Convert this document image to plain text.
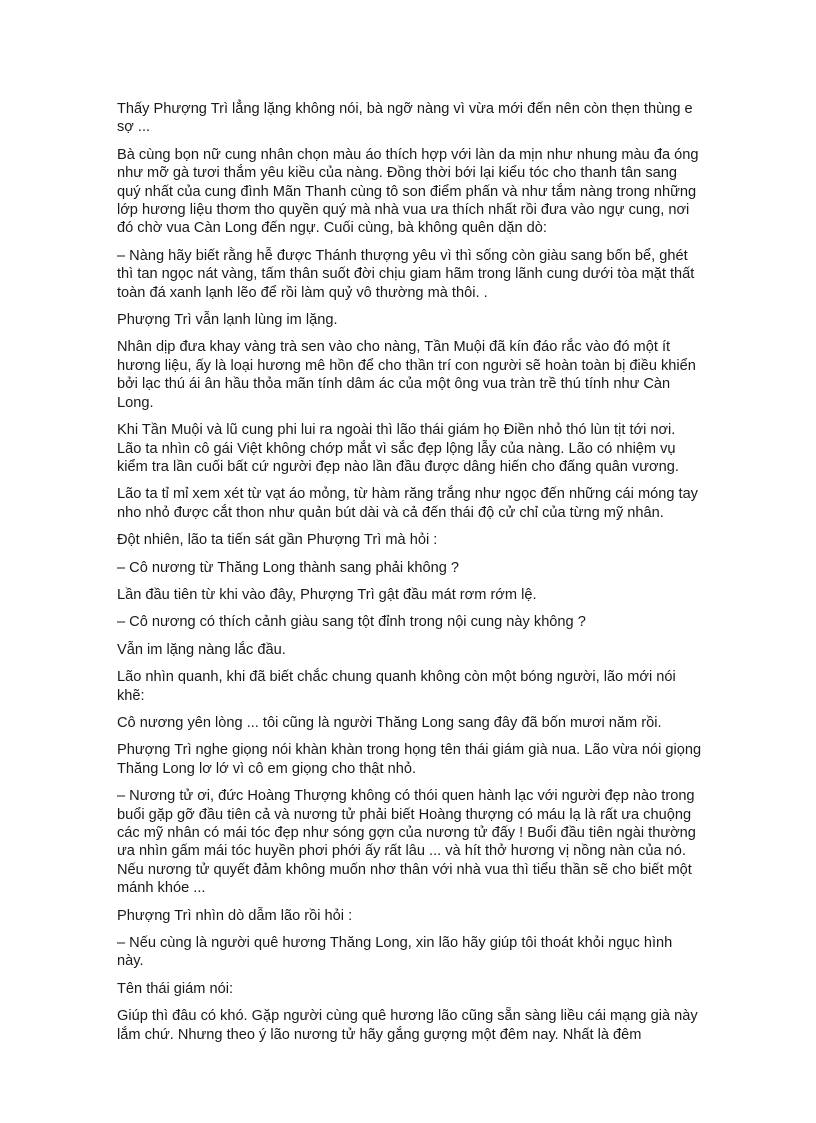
Thấy Phượng Trì lẳng lặng không nói, bà ngỡ nàng vì vừa mới đến nên còn thẹn thùng e sợ ...

Bà cùng bọn nữ cung nhân chọn màu áo thích hợp với làn da mịn như nhung màu đa óng như mỡ gà tươi thắm yêu kiều của nàng. Đồng thời bới lại kiểu tóc cho thanh tân sang quý nhất của cung đình Mãn Thanh cùng tô son điểm phấn và như tắm nàng trong những lớp hương liệu thơm tho quyền quý mà nhà vua ưa thích nhất rồi đưa vào ngự cung, nơi đó chờ vua Càn Long đến ngự. Cuối cùng, bà không quên dặn dò:

– Nàng hãy biết rằng hễ được Thánh thượng yêu vì thì sống còn giàu sang bốn bể, ghét thì tan ngọc nát vàng, tấm thân suốt đời chịu giam hãm trong lãnh cung dưới tòa mặt thất toàn đá xanh lạnh lẽo để rồi làm quỷ vô thường mà thôi. .

Phượng Trì vẫn lạnh lùng im lặng.

Nhân dịp đưa khay vàng trà sen vào cho nàng, Tần Muội đã kín đáo rắc vào đó một ít hương liệu, ấy là loại hương mê hồn để cho thần trí con người sẽ hoàn toàn bị điều khiển bởi lạc thú ái ân hầu thỏa mãn tính dâm ác của một ông vua tràn trề thú tính như Càn Long.

Khi Tần Muội và lũ cung phi lui ra ngoài thì lão thái giám họ Điền nhỏ thó lùn tịt tới nơi. Lão ta nhìn cô gái Việt không chớp mắt vì sắc đẹp lộng lẫy của nàng. Lão có nhiệm vụ kiểm tra lần cuối bất cứ người đẹp nào lần đầu được dâng hiến cho đấng quân vương.

Lão ta tỉ mỉ xem xét từ vạt áo mỏng, từ hàm răng trắng như ngọc đến những cái móng tay nho nhỏ được cắt thon như quản bút dài và cả đến thái độ cử chỉ của từng mỹ nhân.

Đột nhiên, lão ta tiến sát gần Phượng Trì mà hỏi :

– Cô nương từ Thăng Long thành sang phải không ?

Lần đầu tiên từ khi vào đây, Phượng Trì gật đầu mát rơm rớm lệ.

– Cô nương có thích cảnh giàu sang tột đỉnh trong nội cung này không ?

Vẫn im lặng nàng lắc đầu.

Lão nhìn quanh, khi đã biết chắc chung quanh không còn một bóng người, lão mới nói khẽ:

Cô nương yên lòng ... tôi cũng là người Thăng Long sang đây đã bốn mươi năm rồi.

Phượng Trì nghe giọng nói khàn khàn trong họng tên thái giám già nua. Lão vừa nói giọng Thăng Long lơ lớ vì cô em giọng cho thật nhỏ.

– Nương tử ơi, đức Hoàng Thượng không có thói quen hành lạc với người đẹp nào trong buổi gặp gỡ đầu tiên cả và nương tử phải biết Hoàng thượng có máu lạ là rất ưa chuộng các mỹ nhân có mái tóc đẹp như sóng gợn của nương tử đấy ! Buổi đầu tiên ngài thường ưa nhìn gấm mái tóc huyền phơi phới ấy rất lâu ... và hít thở hương vị nồng nàn của nó. Nếu nương tử quyết đảm không muốn nhơ thân với nhà vua thì tiểu thần sẽ cho biết một mánh khóe ...

Phượng Trì nhìn dò dẫm lão rồi hỏi :

– Nếu cùng là người quê hương Thăng Long, xin lão hãy giúp tôi thoát khỏi ngục hình này.

Tên thái giám nói:

Giúp thì đâu có khó. Gặp người cùng quê hương lão cũng sẵn sàng liều cái mạng già này lắm chứ. Nhưng theo ý lão nương tử hãy gắng gượng một đêm nay. Nhất là đêm
